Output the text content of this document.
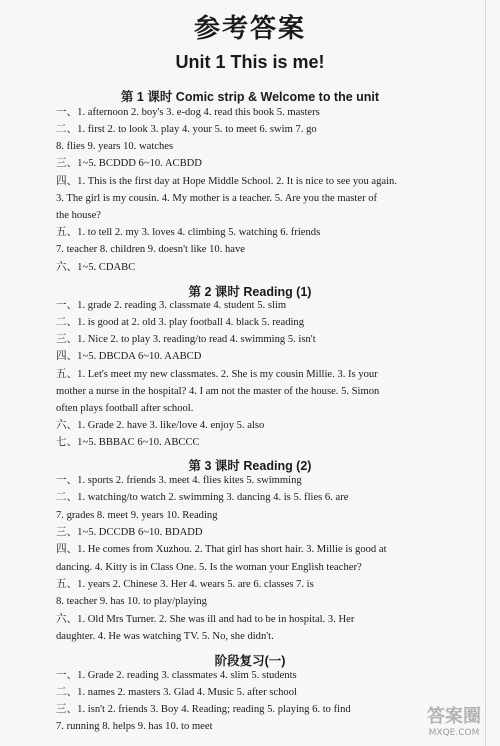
参考答案
Unit 1 This is me!
第 1 课时 Comic strip & Welcome to the unit
第 2 课时 Reading (1)
第 3 课时 Reading (2)
阶段复习(一)
一、1. afternoon 2. boy's 3. e-dog 4. read this book 5. masters
二、1. first 2. to look 3. play 4. your 5. to meet 6. swim 7. go
8. flies 9. years 10. watches
三、1~5. BCDDD 6~10. ACBDD
四、1. This is the first day at Hope Middle School. 2. It is nice to see you again.
3. The girl is my cousin. 4. My mother is a teacher. 5. Are you the master of
the house?
五、1. to tell 2. my 3. loves 4. climbing 5. watching 6. friends
7. teacher 8. children 9. doesn't like 10. have
六、1~5. CDABC
一、1. grade 2. reading 3. classmate 4. student 5. slim
二、1. is good at 2. old 3. play football 4. black 5. reading
三、1. Nice 2. to play 3. reading/to read 4. swimming 5. isn't
四、1~5. DBCDA 6~10. AABCD
五、1. Let's meet my new classmates. 2. She is my cousin Millie. 3. Is your
mother a nurse in the hospital? 4. I am not the master of the house. 5. Simon
often plays football after school.
六、1. Grade 2. have 3. like/love 4. enjoy 5. also
七、1~5. BBBAC 6~10. ABCCC
一、1. sports 2. friends 3. meet 4. flies kites 5. swimming
二、1. watching/to watch 2. swimming 3. dancing 4. is 5. flies 6. are
7. grades 8. meet 9. years 10. Reading
三、1~5. DCCDB 6~10. BDADD
四、1. He comes from Xuzhou. 2. That girl has short hair. 3. Millie is good at
dancing. 4. Kitty is in Class One. 5. Is the woman your English teacher?
五、1. years 2. Chinese 3. Her 4. wears 5. are 6. classes 7. is
8. teacher 9. has 10. to play/playing
六、1. Old Mrs Turner. 2. She was ill and had to be in hospital. 3. Her
daughter. 4. He was watching TV. 5. No, she didn't.
一、1. Grade 2. reading 3. classmates 4. slim 5. students
二、1. names 2. masters 3. Glad 4. Music 5. after school
三、1. isn't 2. friends 3. Boy 4. Reading; reading 5. playing 6. to find
7. running 8. helps 9. has 10. to meet	答案圈
MXQE.COM
